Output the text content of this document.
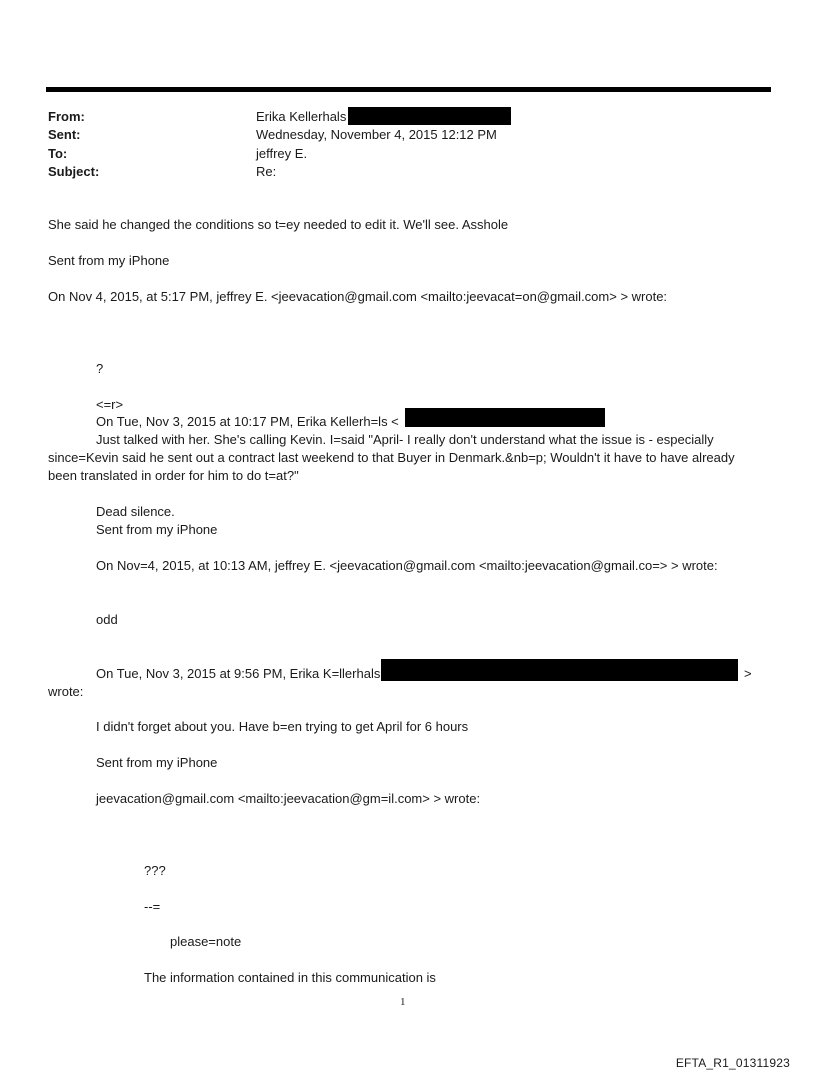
From:	Erika Kellerhals
Sent:	Wednesday, November 4, 2015 12:12 PM
To:	jeffrey E.
Subject:	Re:
She said he changed the conditions so t=ey needed to edit it. We'll see. Asshole
Sent from my iPhone
On Nov 4, 2015, at 5:17 PM, jeffrey E. <jeevacation@gmail.com <mailto:jeevacat=on@gmail.com> > wrote:
?
<=r>
On Tue, Nov 3, 2015 at 10:17 PM, Erika Kellerh=ls <
Just talked with her. She's calling Kevin. I=said "April- I really don't understand what the issue is - especially
since=Kevin said he sent out a contract last weekend to that Buyer in Denmark.&nb=p; Wouldn't it have to have already
been translated in order for him to do t=at?"
Dead silence.
Sent from my iPhone
On Nov=4, 2015, at 10:13 AM, jeffrey E. <jeevacation@gmail.com <mailto:jeevacation@gmail.co=> > wrote:
odd
On Tue, Nov 3, 2015 at 9:56 PM, Erika K=llerhals	>
wrote:
I didn't forget about you. Have b=en trying to get April for 6 hours
Sent from my iPhone
jeevacation@gmail.com <mailto:jeevacation@gm=il.com> > wrote:
???
--=
please=note
The information contained in this communication is
1
EFTA_R1_01311923
